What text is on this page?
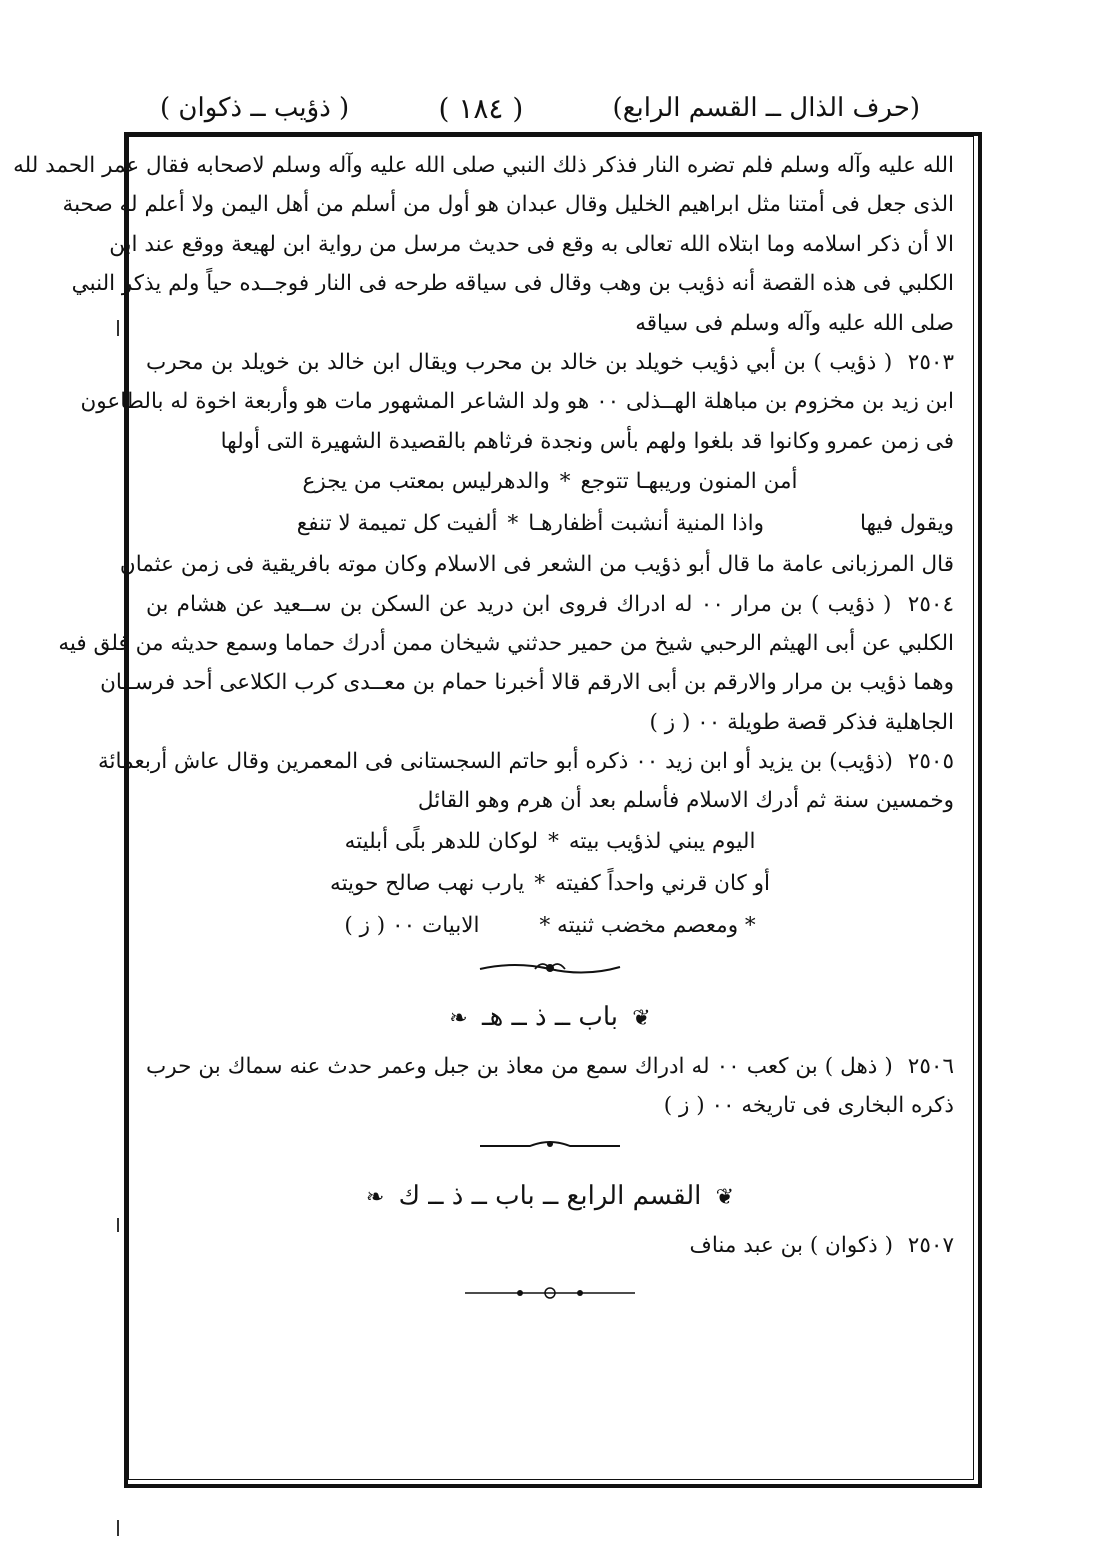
(حرف الذال ــ القسم الرابع)
( ١٨٤ )
( ذؤيب ــ ذكوان )
الله عليه وآله وسلم فلم تضره النار فذكر ذلك النبي صلى الله عليه وآله وسلم لاصحابه فقال عمر الحمد لله
الذى جعل فى أمتنا مثل ابراهيم الخليل وقال عبدان هو أول من أسلم من أهل اليمن ولا أعلم له صحبة
الا أن ذكر اسلامه وما ابتلاه الله تعالى به وقع فى حديث مرسل من رواية ابن لهيعة ووقع عند ابن
الكلبي فى هذه القصة أنه ذؤيب بن وهب وقال فى سياقه طرحه فى النار فوجــده حياً ولم يذكر النبي
صلى الله عليه وآله وسلم فى سياقه
٢٥٠٣ ( ذؤيب ) بن أبي ذؤيب خويلد بن خالد بن محرب ويقال ابن خالد بن خويلد بن محرب
ابن زيد بن مخزوم بن مباهلة الهــذلى ٠٠ هو ولد الشاعر المشهور مات هو وأربعة اخوة له بالطاعون
فى زمن عمرو وكانوا قد بلغوا ولهم بأس ونجدة فرثاهم بالقصيدة الشهيرة التى أولها
أمن المنون وريبهـا تتوجع
*
والدهرليس بمعتب من يجزع
ويقول فيها
واذا المنية أنشبت أظفارهـا
*
ألفيت كل تميمة لا تنفع
قال المرزبانى عامة ما قال أبو ذؤيب من الشعر فى الاسلام وكان موته بافريقية فى زمن عثمان
٢٥٠٤ ( ذؤيب ) بن مرار ٠٠ له ادراك فروى ابن دريد عن السكن بن ســعيد عن هشام بن
الكلبي عن أبى الهيثم الرحبي شيخ من حمير حدثني شيخان ممن أدرك حماما وسمع حديثه من فلق فيه
وهما ذؤيب بن مرار والارقم بن أبى الارقم قالا أخبرنا حمام بن معــدى كرب الكلاعى أحد فرســان
الجاهلية فذكر قصة طويلة ٠٠ ( ز )
٢٥٠٥ (ذؤيب) بن يزيد أو ابن زيد ٠٠ ذكره أبو حاتم السجستانى فى المعمرين وقال عاش أربعمائة
وخمسين سنة ثم أدرك الاسلام فأسلم بعد أن هرم وهو القائل
اليوم يبني لذؤيب بيته
*
لوكان للدهر بلًى أبليته
أو كان قرني واحداً كفيته
*
يارب نهب صالح حويته
* ومعصم مخضب ثنيته *
الابيات ٠٠ ( ز )
❦ باب ــ ذ ــ هـ ❧
٢٥٠٦ ( ذهل ) بن كعب ٠٠ له ادراك سمع من معاذ بن جبل وعمر حدث عنه سماك بن حرب
ذكره البخارى فى تاريخه ٠٠ ( ز )
❦ القسم الرابع ــ باب ــ ذ ــ ك ❧
٢٥٠٧ ( ذكوان ) بن عبد مناف
